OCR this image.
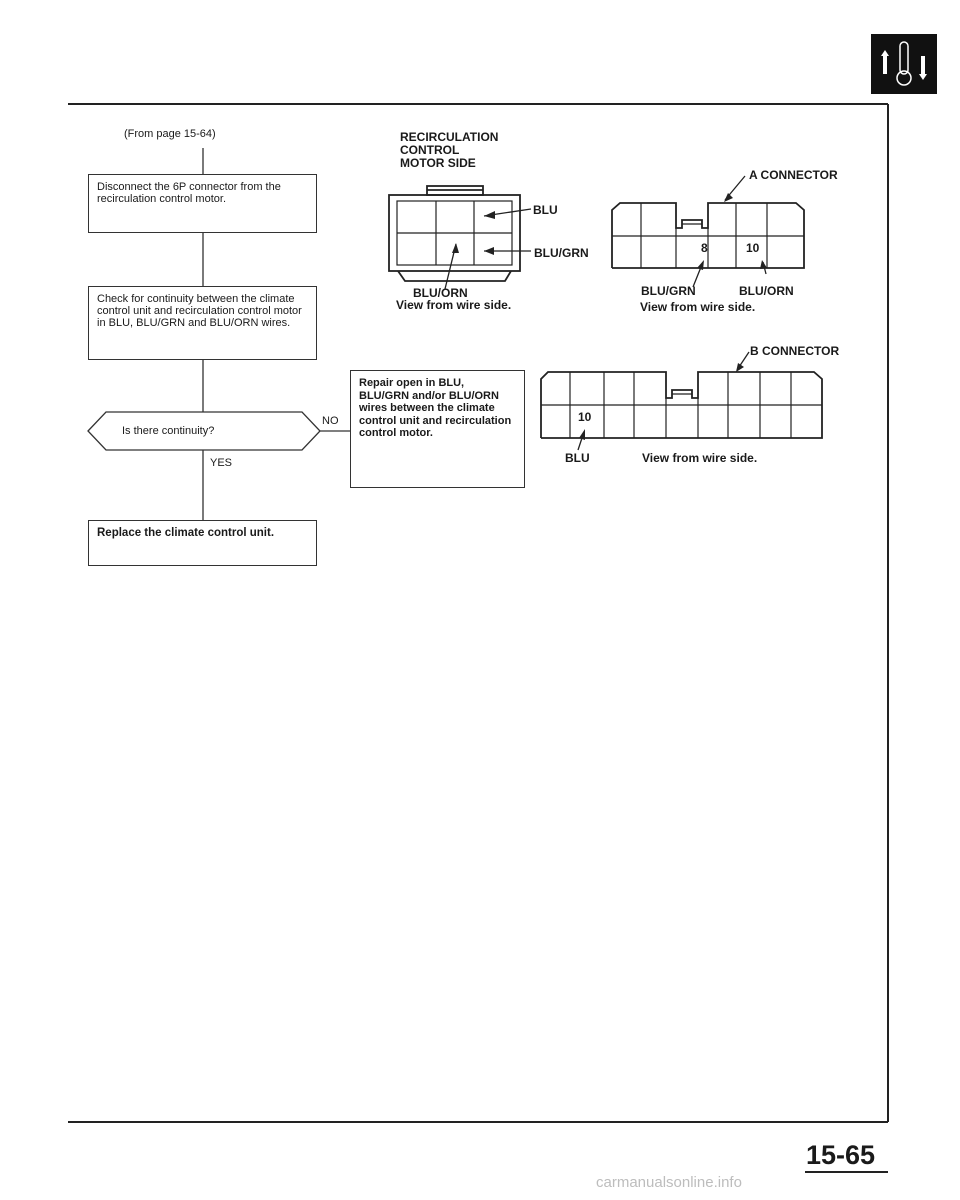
(From page 15-64)
Disconnect the 6P connector from the recirculation control motor.
Check for continuity between the climate control unit and recirculation control motor in BLU, BLU/GRN and BLU/ORN wires.
Is there continuity?
NO
YES
Replace the climate control unit.
Repair open in BLU, BLU/GRN and/or BLU/ORN wires between the climate control unit and recirculation control motor.
RECIRCULATION
CONTROL
MOTOR SIDE
BLU
BLU/GRN
BLU/ORN
View from wire side.
A CONNECTOR
8	10
BLU/GRN	BLU/ORN
View from wire side.
B CONNECTOR
10
BLU	View from wire side.
15-65
carmanualsonline.info
